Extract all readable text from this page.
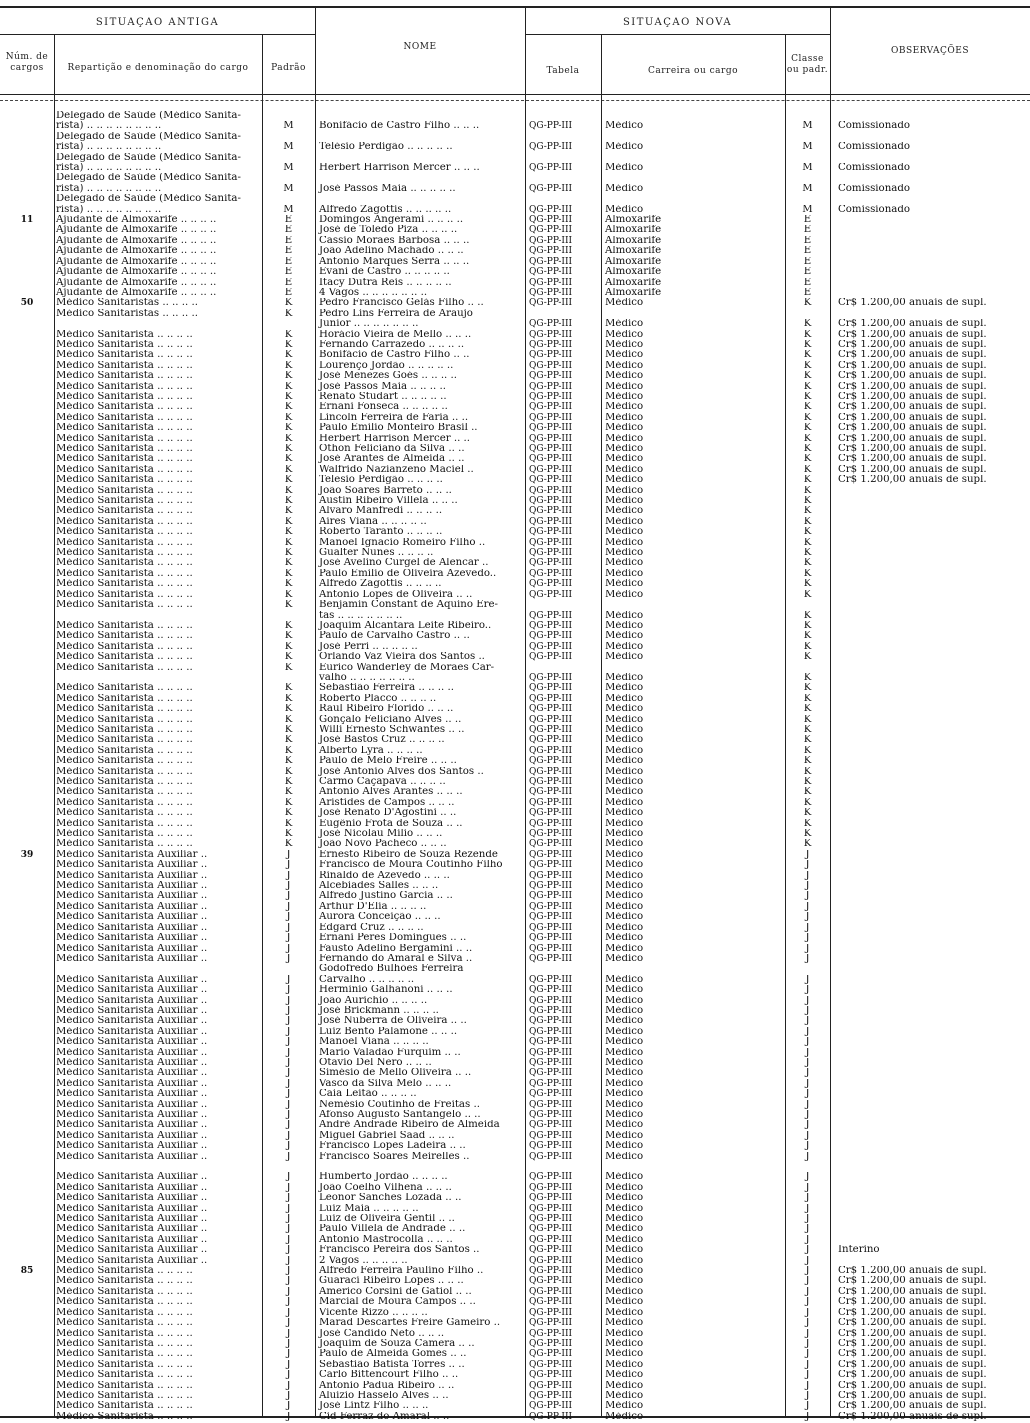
SITUAÇAO ANTIGA	SITUAÇAO NOVA
Núm. de cargos	Repartição e denominação do cargo	Padrão
NOME
Tabela	Carreira ou cargo
Classe ou padr.
OBSERVAÇÕES
	Delegado de Saúde (Médico Sanita-						
	rista) .. .. .. .. .. .. .. ..	M	Bonifácio de Castro Filho .. .. ..	QG-PP-III	Médico	M	Comissionado
	Delegado de Saúde (Médico Sanita-						
	rista) .. .. .. .. .. .. .. ..	M	Telésio Perdigão .. .. .. .. ..	QG-PP-III	Médico	M	Comissionado
	Delegado de Saúde (Médico Sanita-						
	rista) .. .. .. .. .. .. .. ..	M	Herbert Harrison Mercer .. .. ..	QG-PP-III	Médico	M	Comissionado
	Delegado de Saúde (Médico Sanita-						
	rista) .. .. .. .. .. .. .. ..	M	José Passos Maia .. .. .. .. ..	QG-PP-III	Médico	M	Comissionado
	Delegado de Saúde (Médico Sanita-						
	rista) .. .. .. .. .. .. .. ..	M	Alfredo Zagottis .. .. .. .. ..	QG-PP-III	Médico	M	Comissionado
11	Ajudante de Almoxarife .. .. .. ..	E	Domingos Angerami .. .. .. ..	QG-PP-III	Almoxarife	E	
	Ajudante de Almoxarife .. .. .. ..	E	José de Toledo Piza .. .. .. ..	QG-PP-III	Almoxarife	E	
	Ajudante de Almoxarife .. .. .. ..	E	Cassio Moraes Barbosa .. .. ..	QG-PP-III	Almoxarife	E	
	Ajudante de Almoxarife .. .. .. ..	E	João Adelino Machado .. .. ..	QG-PP-III	Almoxarife	E	
	Ajudante de Almoxarife .. .. .. ..	E	Antonio Marques Serra .. .. ..	QG-PP-III	Almoxarife	E	
	Ajudante de Almoxarife .. .. .. ..	E	Evani de Castro .. .. .. .. ..	QG-PP-III	Almoxarife	E	
	Ajudante de Almoxarife .. .. .. ..	E	Itacy Dutra Reis .. .. .. .. ..	QG-PP-III	Almoxarife	E	
	Ajudante de Almoxarife .. .. .. ..	E	4 Vagos .. .. .. .. .. .. ..	QG-PP-III	Almoxarife	E	
50	Médico Sanitaristas .. .. .. ..	K	Pedro Francisco Gelás Filho .. ..	QG-PP-III	Médico	K	Cr$ 1.200,00 anuais de supl.
	Médico Sanitaristas .. .. .. ..	K	Pedro Lins Ferreira de Araujo				
			Junior .. .. .. .. .. .. ..	QG-PP-III	Médico	K	Cr$ 1.200,00 anuais de supl.
	Médico Sanitarista .. .. .. ..	K	Horácio Vieira de Mello .. .. ..	QG-PP-III	Médico	K	Cr$ 1.200,00 anuais de supl.
	Médico Sanitarista .. .. .. ..	K	Fernando Carrazedo .. .. .. ..	QG-PP-III	Médico	K	Cr$ 1.200,00 anuais de supl.
	Médico Sanitarista .. .. .. ..	K	Bonifácio de Castro Filho .. ..	QG-PP-III	Médico	K	Cr$ 1.200,00 anuais de supl.
	Médico Sanitarista .. .. .. ..	K	Lourenço Jordão .. .. .. .. ..	QG-PP-III	Médico	K	Cr$ 1.200,00 anuais de supl.
	Médico Sanitarista .. .. .. ..	K	José Menezes Goés .. .. .. ..	QG-PP-III	Médico	K	Cr$ 1.200,00 anuais de supl.
	Médico Sanitarista .. .. .. ..	K	José Passos Maia .. .. .. ..	QG-PP-III	Médico	K	Cr$ 1.200,00 anuais de supl.
	Médico Sanitarista .. .. .. ..	K	Renato Studart .. .. .. .. ..	QG-PP-III	Médico	K	Cr$ 1.200,00 anuais de supl.
	Médico Sanitarista .. .. .. ..	K	Ernani Fonseca .. .. .. .. ..	QG-PP-III	Médico	K	Cr$ 1.200,00 anuais de supl.
	Médico Sanitarista .. .. .. ..	K	Lincoln Ferreira de Faria .. ..	QG-PP-III	Médico	K	Cr$ 1.200,00 anuais de supl.
	Médico Sanitarista .. .. .. ..	K	Paulo Emilio Monteiro Brasil ..	QG-PP-III	Médico	K	Cr$ 1.200,00 anuais de supl.
	Médico Sanitarista .. .. .. ..	K	Herbert Harrison Mercer .. ..	QG-PP-III	Médico	K	Cr$ 1.200,00 anuais de supl.
	Médico Sanitarista .. .. .. ..	K	Othon Feliciano da Silva .. ..	QG-PP-III	Médico	K	Cr$ 1.200,00 anuais de supl.
	Médico Sanitarista .. .. .. ..	K	José Arantes de Almeida .. ..	QG-PP-III	Médico	K	Cr$ 1.200,00 anuais de supl.
	Médico Sanitarista .. .. .. ..	K	Walfrido Nazianzeno Maciel ..	QG-PP-III	Médico	K	Cr$ 1.200,00 anuais de supl.
	Médico Sanitarista .. .. .. ..	K	Telesio Perdigão .. .. .. ..	QG-PP-III	Médico	K	Cr$ 1.200,00 anuais de supl.
	Médico Sanitarista .. .. .. ..	K	João Soares Barreto .. .. ..	QG-PP-III	Médico	K	
	Médico Sanitarista .. .. .. ..	K	Austin Ribeiro Villela .. .. ..	QG-PP-III	Médico	K	
	Médico Sanitarista .. .. .. ..	K	Alvaro Manfredi .. .. .. ..	QG-PP-III	Médico	K	
	Médico Sanitarista .. .. .. ..	K	Aires Viana .. .. .. .. ..	QG-PP-III	Médico	K	
	Médico Sanitarista .. .. .. ..	K	Roberto Taranto .. .. .. ..	QG-PP-III	Médico	K	
	Médico Sanitarista .. .. .. ..	K	Manoel Ignacio Romeiro Filho ..	QG-PP-III	Médico	K	
	Médico Sanitarista .. .. .. ..	K	Gualter Nunes .. .. .. ..	QG-PP-III	Médico	K	
	Médico Sanitarista .. .. .. ..	K	José Avelino Curgel de Alencar ..	QG-PP-III	Médico	K	
	Médico Sanitarista .. .. .. ..	K	Paulo Emilio de Oliveira Azevedo..	QG-PP-III	Médico	K	
	Médico Sanitarista .. .. .. ..	K	Alfredo Zagottis .. .. .. ..	QG-PP-III	Médico	K	
	Médico Sanitarista .. .. .. ..	K	Antonio Lopes de Oliveira .. ..	QG-PP-III	Médico	K	
	Médico Sanitarista .. .. .. ..	K	Benjamin Constant de Aquino Ere-				
			tas .. .. .. .. .. .. ..	QG-PP-III	Médico	K	
	Médico Sanitarista .. .. .. ..	K	Joaquim Alcantara Leite Ribeiro..	QG-PP-III	Médico	K	
	Médico Sanitarista .. .. .. ..	K	Paulo de Carvalho Castro .. ..	QG-PP-III	Médico	K	
	Médico Sanitarista .. .. .. ..	K	José Perri .. .. .. .. ..	QG-PP-III	Médico	K	
	Médico Sanitarista .. .. .. ..	K	Orlando Vaz Vieira dos Santos ..	QG-PP-III	Médico	K	
	Médico Sanitarista .. .. .. ..	K	Eurico Wanderley de Moraes Car-				
			valho .. .. .. .. .. .. ..	QG-PP-III	Médico	K	
	Médico Sanitarista .. .. .. ..	K	Sebastião Ferreira .. .. .. ..	QG-PP-III	Médico	K	
	Médico Sanitarista .. .. .. ..	K	Roberto Placco .. .. .. ..	QG-PP-III	Médico	K	
	Médico Sanitarista .. .. .. ..	K	Raul Ribeiro Florido .. .. ..	QG-PP-III	Médico	K	
	Médico Sanitarista .. .. .. ..	K	Gonçalo Feliciano Alves .. ..	QG-PP-III	Médico	K	
	Médico Sanitarista .. .. .. ..	K	Willi Ernesto Schwantes .. ..	QG-PP-III	Médico	K	
	Médico Sanitarista .. .. .. ..	K	José Bastos Cruz .. .. .. ..	QG-PP-III	Médico	K	
	Médico Sanitarista .. .. .. ..	K	Alberto Lyra .. .. .. ..	QG-PP-III	Médico	K	
	Médico Sanitarista .. .. .. ..	K	Paulo de Melo Freire .. .. ..	QG-PP-III	Médico	K	
	Médico Sanitarista .. .. .. ..	K	José Antonio Alves dos Santos ..	QG-PP-III	Médico	K	
	Médico Sanitarista .. .. .. ..	K	Carmo Caçapava .. .. .. ..	QG-PP-III	Médico	K	
	Médico Sanitarista .. .. .. ..	K	Antonio Alves Arantes .. .. ..	QG-PP-III	Médico	K	
	Médico Sanitarista .. .. .. ..	K	Aristides de Campos .. .. ..	QG-PP-III	Médico	K	
	Médico Sanitarista .. .. .. ..	K	José Renato D'Agostini .. ..	QG-PP-III	Médico	K	
	Médico Sanitarista .. .. .. ..	K	Eugênio Frota de Souza .. ..	QG-PP-III	Médico	K	
	Médico Sanitarista .. .. .. ..	K	José Nicolau Milio .. .. ..	QG-PP-III	Médico	K	
	Médico Sanitarista .. .. .. ..	K	João Novo Pacheco .. .. ..	QG-PP-III	Médico	K	
39	Médico Sanitarista Auxiliar ..	J	Ernesto Ribeiro de Souza Rezende	QG-PP-III	Médico	J	
	Médico Sanitarista Auxiliar ..	J	Francisco de Moura Coutinho Filho	QG-PP-III	Médico	J	
	Médico Sanitarista Auxiliar ..	J	Rinaldo de Azevedo .. .. ..	QG-PP-III	Médico	J	
	Médico Sanitarista Auxiliar ..	J	Alcebiades Salles .. .. ..	QG-PP-III	Médico	J	
	Médico Sanitarista Auxiliar ..	J	Alfredo Justino Garcia .. ..	QG-PP-III	Médico	J	
	Médico Sanitarista Auxiliar ..	J	Arthur D'Elia .. .. .. ..	QG-PP-III	Médico	J	
	Médico Sanitarista Auxiliar ..	J	Aurora Conceição .. .. ..	QG-PP-III	Médico	J	
	Médico Sanitarista Auxiliar ..	J	Edgard Cruz .. .. .. ..	QG-PP-III	Médico	J	
	Médico Sanitarista Auxiliar ..	J	Ernani Peres Domingues .. ..	QG-PP-III	Médico	J	
	Médico Sanitarista Auxiliar ..	J	Fausto Adelino Bergamini .. ..	QG-PP-III	Médico	J	
	Médico Sanitarista Auxiliar ..	J	Fernando do Amaral e Silva ..	QG-PP-III	Médico	J	
			Godofredo Bulhões Ferreira				
	Médico Sanitarista Auxiliar ..	J	Carvalho .. .. .. .. ..	QG-PP-III	Médico	J	
	Médico Sanitarista Auxiliar ..	J	Hermínio Galhanoni .. .. ..	QG-PP-III	Médico	J	
	Médico Sanitarista Auxiliar ..	J	João Aurichio .. .. .. ..	QG-PP-III	Médico	J	
	Médico Sanitarista Auxiliar ..	J	José Brickmann .. .. .. ..	QG-PP-III	Médico	J	
	Médico Sanitarista Auxiliar ..	J	José Nuberra de Oliveira .. ..	QG-PP-III	Médico	J	
	Médico Sanitarista Auxiliar ..	J	Luiz Bento Palamone .. .. ..	QG-PP-III	Médico	J	
	Médico Sanitarista Auxiliar ..	J	Manoel Viana .. .. .. ..	QG-PP-III	Médico	J	
	Médico Sanitarista Auxiliar ..	J	Mario Valadão Furquim .. ..	QG-PP-III	Médico	J	
	Médico Sanitarista Auxiliar ..	J	Otavio Del Nero .. .. ..	QG-PP-III	Médico	J	
	Médico Sanitarista Auxiliar ..	J	Simésio de Mello Oliveira .. ..	QG-PP-III	Médico	J	
	Médico Sanitarista Auxiliar ..	J	Vasco da Silva Melo .. .. ..	QG-PP-III	Médico	J	
	Médico Sanitarista Auxiliar ..	J	Caia Leitão .. .. .. ..	QG-PP-III	Médico	J	
	Médico Sanitarista Auxiliar ..	J	Nemésio Coutinho de Freitas ..	QG-PP-III	Médico	J	
	Médico Sanitarista Auxiliar ..	J	Afonso Augusto Santangelo .. ..	QG-PP-III	Médico	J	
	Médico Sanitarista Auxiliar ..	J	André Andrade Ribeiro de Almeida	QG-PP-III	Médico	J	
	Médico Sanitarista Auxiliar ..	J	Miguel Gabriel Saad .. .. ..	QG-PP-III	Médico	J	
	Médico Sanitarista Auxiliar ..	J	Francisco Lopes Ladeira .. ..	QG-PP-III	Médico	J	
	Médico Sanitarista Auxiliar ..	J	Francisco Soares Meirelles ..	QG-PP-III	Médico	J	

	Médico Sanitarista Auxiliar ..	J	Humberto Jordão .. .. .. ..	QG-PP-III	Médico	J	
	Médico Sanitarista Auxiliar ..	J	João Coelho Vilhena .. .. ..	QG-PP-III	Médico	J	
	Médico Sanitarista Auxiliar ..	J	Leonor Sanches Lozada .. ..	QG-PP-III	Médico	J	
	Médico Sanitarista Auxiliar ..	J	Luiz Maia .. .. .. .. ..	QG-PP-III	Médico	J	
	Médico Sanitarista Auxiliar ..	J	Luiz de Oliveira Gentil .. ..	QG-PP-III	Médico	J	
	Médico Sanitarista Auxiliar ..	J	Paulo Villela de Andrade .. ..	QG-PP-III	Médico	J	
	Médico Sanitarista Auxiliar ..	J	Antonio Mastrocolla .. .. ..	QG-PP-III	Médico	J	
	Médico Sanitarista Auxiliar ..	J	Francisco Pereira dos Santos ..	QG-PP-III	Médico	J	Interino
	Médico Sanitarista Auxiliar ..	J	2 Vagos .. .. .. .. ..	QG-PP-III	Médico	J	
85	Médico Sanitarista .. .. .. ..	J	Alfredo Ferreira Paulino Filho ..	QG-PP-III	Médico	J	Cr$ 1.200,00 anuais de supl.
	Médico Sanitarista .. .. .. ..	J	Guaraci Ribeiro Lopes .. .. ..	QG-PP-III	Médico	J	Cr$ 1.200,00 anuais de supl.
	Médico Sanitarista .. .. .. ..	J	Americo Corsini de Gatiol .. ..	QG-PP-III	Médico	J	Cr$ 1.200,00 anuais de supl.
	Médico Sanitarista .. .. .. ..	J	Marcial de Moura Campos .. ..	QG-PP-III	Médico	J	Cr$ 1.200,00 anuais de supl.
	Médico Sanitarista .. .. .. ..	J	Vicente Rizzo .. .. .. ..	QG-PP-III	Médico	J	Cr$ 1.200,00 anuais de supl.
	Médico Sanitarista .. .. .. ..	J	Marad Descartes Freire Gameiro ..	QG-PP-III	Médico	J	Cr$ 1.200,00 anuais de supl.
	Médico Sanitarista .. .. .. ..	J	José Candido Neto .. .. ..	QG-PP-III	Médico	J	Cr$ 1.200,00 anuais de supl.
	Médico Sanitarista .. .. .. ..	J	Joaquim de Souza Camera .. ..	QG-PP-III	Médico	J	Cr$ 1.200,00 anuais de supl.
	Médico Sanitarista .. .. .. ..	J	Paulo de Almeida Gomes .. ..	QG-PP-III	Médico	J	Cr$ 1.200,00 anuais de supl.
	Médico Sanitarista .. .. .. ..	J	Sebastião Batista Torres .. ..	QG-PP-III	Médico	J	Cr$ 1.200,00 anuais de supl.
	Médico Sanitarista .. .. .. ..	J	Carlo Bittencourt Filho .. ..	QG-PP-III	Médico	J	Cr$ 1.200,00 anuais de supl.
	Médico Sanitarista .. .. .. ..	J	Antonio Padua Ribeiro .. ..	QG-PP-III	Médico	J	Cr$ 1.200,00 anuais de supl.
	Médico Sanitarista .. .. .. ..	J	Aluizio Hasselo Alves .. ..	QG-PP-III	Médico	J	Cr$ 1.200,00 anuais de supl.
	Médico Sanitarista .. .. .. ..	J	José Lintz Filho .. .. ..	QG-PP-III	Médico	J	Cr$ 1.200,00 anuais de supl.
	Médico Sanitarista .. .. .. ..	J	Cid Ferraz do Amaral .. ..	QG-PP-III	Médico	J	Cr$ 1.200,00 anuais de supl.
